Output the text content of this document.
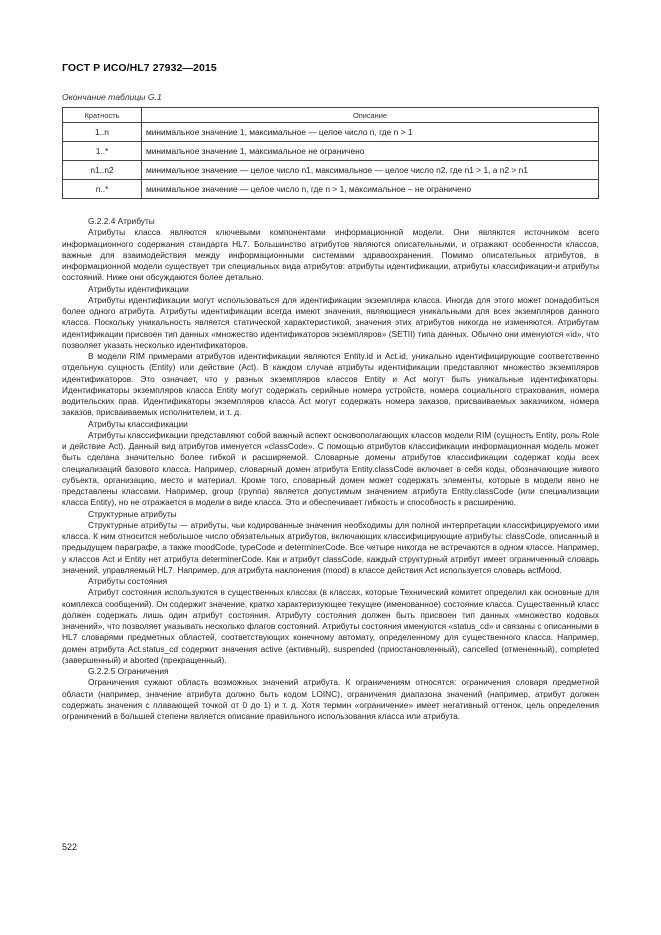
ГОСТ Р ИСО/HL7 27932—2015
Окончание таблицы G.1
Кратность	Описание
1..n	минимальное значение 1, максимальное — целое число n, где n > 1
1..*	минимальное значение 1, максимальное не ограничено
n1..n2	минимальное значение — целое число n1, максимальное — целое число n2, где n1 > 1, а n2 > n1
n..*	минимальное значение — целое число n, где n > 1, максимальное – не ограничено

G.2.2.4 Атрибуты

Атрибуты класса являются ключевыми компонентами информационной модели. Они являются источником всего информационного содержания стандарта HL7. Большинство атрибутов являются описательными, и отражают особенности классов, важные для взаимодействия между информационными системами здравоохранения. Помимо описательных атрибутов, в информационной модели существует три специальных вида атрибутов: атрибуты идентификации, атрибуты классификации-и атрибуты состояний. Ниже они обсуждаются более детально.

Атрибуты идентификации

Атрибуты идентификации могут использоваться для идентификации экземпляра класса. Иногда для этого может понадобиться более одного атрибута. Атрибуты идентификации всегда имеют значения, являющиеся уникальными для всех экземпляров данного класса. Поскольку уникальность является статической характеристикой, значения этих атрибутов никогда не изменяются. Атрибутам идентификации присвоен тип данных «множество идентификаторов экземпляров» (SETII) типа данных. Обычно они именуются «id», что позволяет указать несколько идентификаторов.

В модели RIM примерами атрибутов идентификации являются Entity.id и Act.id, уникально идентифицирующие соответственно отдельную сущность (Entity) или действие (Act). В каждом случае атрибуты идентификации представляют множество экземпляров идентификаторов. Это означает, что у разных экземпляров классов Entity и Act могут быть уникальные идентификаторы. Идентификаторы экземпляров класса Entity могут содержать серийные номера устройств, номера социального страхования, номера водительских прав. Идентификаторы экземпляров класса Act могут содержать номера заказов, присваиваемых заказчиком, номера заказов, присваиваемых исполнителем, и т. д.

Атрибуты классификации

Атрибуты классификации представляют собой важный аспект основополагающих классов модели RIM (сущность Entity, роль Role и действие Act). Данный вид атрибутов именуется «classCode». С помощью атрибутов классификации информационная модель может быть сделана значительно более гибкой и расширяемой. Словарные домены атрибутов классификации содержат коды всех специализаций базового класса. Например, словарный домен атрибута Entity.classCode включает в себя коды, обозначающие живого субъекта, организацию, место и материал. Кроме того, словарный домен может содержать элементы, которые в модели явно не представлены классами. Например, group (группа) является допустимым значением атрибута Entity.classCode (или специализации класса Entity), но не отражается в модели в виде класса. Это и обеспечивает гибкость и способность к расширению.

Структурные атрибуты

Структурные атрибуты — атрибуты, чьи кодированные значения необходимы для полной интерпретации классифицируемого ими класса. К ним относится небольшое число обязательных атрибутов, включающих классифицирующие атрибуты: classCode, описанный в предыдущем параграфе, а также moodCode, typeCode и determinerCode. Все четыре никогда не встречаются в одном классе. Например, у классов Act и Entity нет атрибута determinerCode. Как и атрибут classCode, каждый структурный атрибут имеет ограниченный словарь значений, управляемый HL7. Например, для атрибута наклонения (mood) в классе действия Act используется словарь actMood.

Атрибуты состояния

Атрибут состояния используются в существенных классах (в классах, которые Технический комитет определил как основные для комплекса сообщений). Он содержит значение, кратко характеризующее текущее (именованное) состояние класса. Существенный класс должен содержать лишь один атрибут состояния. Атрибуту состояния должен быть присвоен тип данных «множество кодовых значений», что позволяет указывать несколько флагов состояний. Атрибуты состояния именуются «status_cd» и связаны с описанными в HL7 словарями предметных областей, соответствующих конечному автомату, определенному для существенного класса. Например, домен атрибута Act.status_cd содержит значения active (активный), suspended (приостановленный), cancelled (отмененный), completed (завершенный) и aborted (прекращенный).

G.2.2.5 Ограничения

Ограничения сужают область возможных значений атрибута. К ограничениям относятся: ограничения словаря предметной области (например, значение атрибута должно быть кодом LOINC), ограничения диапазона значений (например, атрибут должен содержать значения с плавающей точкой от 0 до 1) и т. д. Хотя термин «ограничение» имеет негативный оттенок, цель определения ограничений в большей степени является описание правильного использования класса или атрибута.

522
